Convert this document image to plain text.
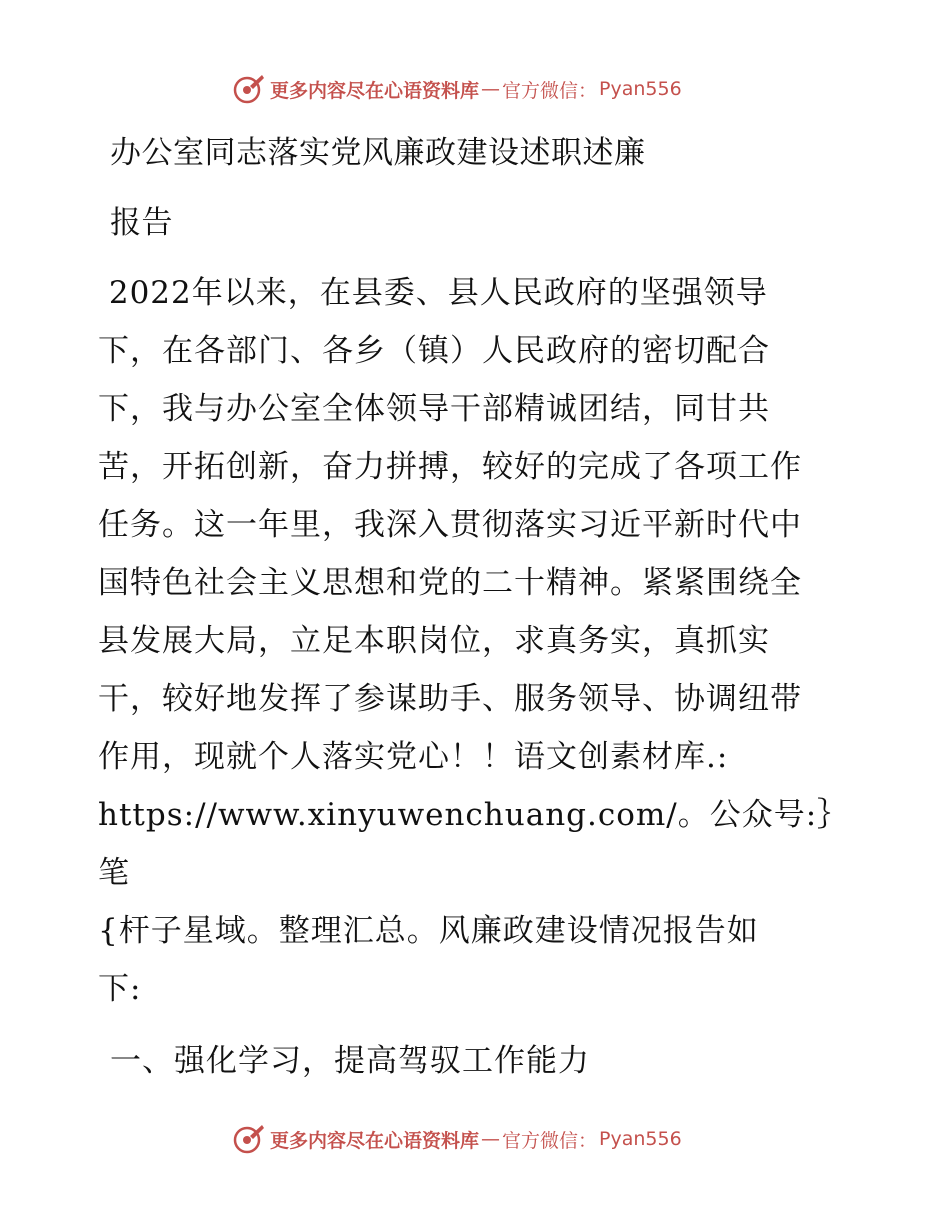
更多内容尽在心语资料库 — 官方微信： Pyan556
办公室同志落实党风廉政建设述职述廉
报告
2022年以来，在县委、县人民政府的坚强领导
下，在各部门、各乡（镇）人民政府的密切配合
下，我与办公室全体领导干部精诚团结，同甘共
苦，开拓创新，奋力拼搏，较好的完成了各项工作
任务。这一年里，我深入贯彻落实习近平新时代中
国特色社会主义思想和党的二十精神。紧紧围绕全
县发展大局，立足本职岗位，求真务实，真抓实
干，较好地发挥了参谋助手、服务领导、协调纽带
作用，现就个人落实党心！！语文创素材库.:
https://www.xinyuwenchuang.com/。公众号:｝笔
{杆子星域。整理汇总。风廉政建设情况报告如
下:
一、强化学习，提高驾驭工作能力
更多内容尽在心语资料库 — 官方微信： Pyan556
